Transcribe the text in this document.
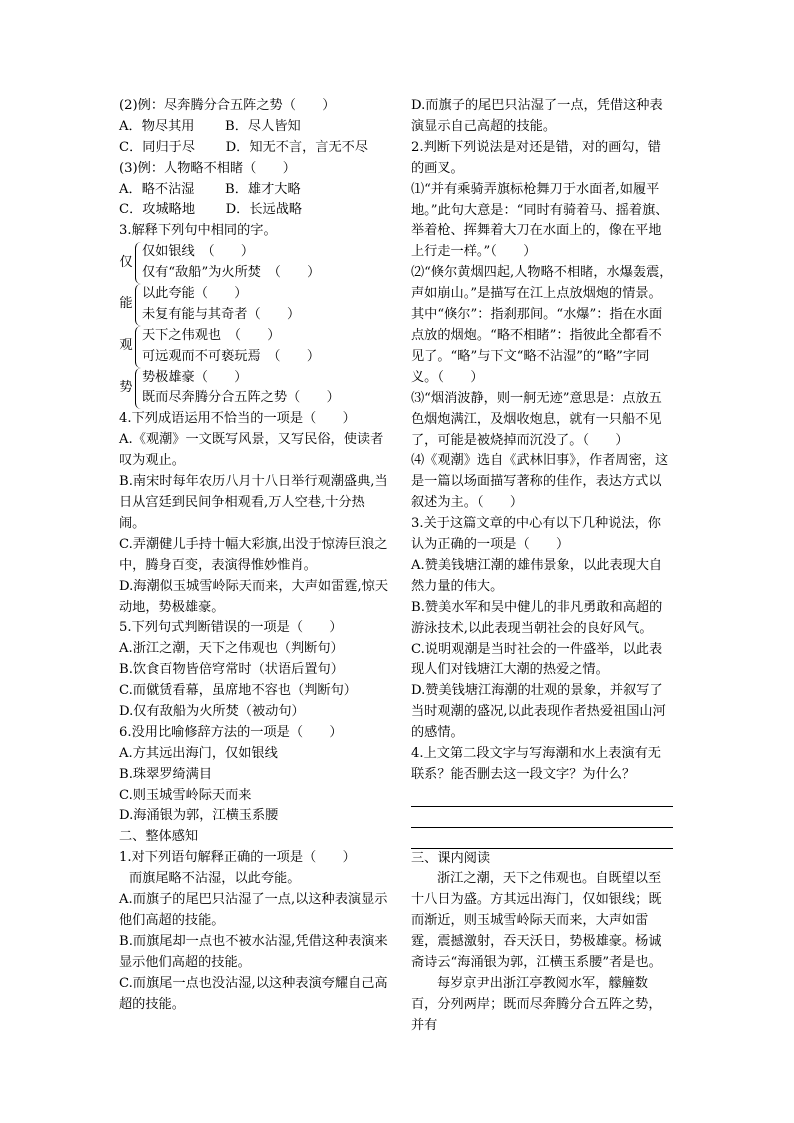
(2)例：尽奔腾分合五阵之势（　　）
A．物尽其用　　 B．尽人皆知
C．同归于尽　　 D．知无不言，言无不尽
(3)例：人物略不相睹（　　）
A．略不沾湿　　 B．雄才大略
C．攻城略地　　 D．长远战略
3.解释下列句中相同的字。
仅
仅如银线　（　　）
仅有“敌船”为火所焚　（　　）
能
以此夸能（　　）
未复有能与其奇者（　　）
观
天下之伟观也　（　　）
可远观而不可亵玩焉　（　　）
势
势极雄豪（　　）
既而尽奔腾分合五阵之势（　　）
4.下列成语运用不恰当的一项是（　　）
A.《观潮》一文既写风景，又写民俗，使读者叹为观止。
B.南宋时每年农历八月十八日举行观潮盛典,当日从宫廷到民间争相观看,万人空巷,十分热闹。
C.弄潮健儿手持十幅大彩旗,出没于惊涛巨浪之中，腾身百变，表演得惟妙惟肖。
D.海潮似玉城雪岭际天而来，大声如雷霆,惊天动地，势极雄豪。
5.下列句式判断错误的一项是（　　）
A.浙江之潮，天下之伟观也（判断句）
B.饮食百物皆倍穹常时（状语后置句）
C.而僦赁看幕，虽席地不容也（判断句）
D.仅有敌船为火所焚（被动句）
6.没用比喻修辞方法的一项是（　　）
A.方其远出海门，仅如银线
B.珠翠罗绮满目
C.则玉城雪岭际天而来
D.海涌银为郭，江横玉系腰
二、整体感知
1.对下列语句解释正确的一项是（　　）
而旗尾略不沾湿，以此夸能。
A.而旗子的尾巴只沾湿了一点,以这种表演显示他们高超的技能。
B.而旗尾却一点也不被水沾湿,凭借这种表演来显示他们高超的技能。
C.而旗尾一点也没沾湿,以这种表演夸耀自己高超的技能。
D.而旗子的尾巴只沾湿了一点，凭借这种表演显示自己高超的技能。
2.判断下列说法是对还是错，对的画勾，错的画叉。
⑴“并有乘骑弄旗标枪舞刀于水面者,如履平地。”此句大意是：“同时有骑着马、摇着旗、举着枪、挥舞着大刀在水面上的，像在平地上行走一样。”（　　）
⑵“倏尔黄烟四起,人物略不相睹，水爆轰震，声如崩山。”是描写在江上点放烟炮的情景。其中“倏尔”：指刹那间。“水爆”：指在水面点放的烟炮。“略不相睹”：指彼此全都看不见了。“略”与下文“略不沾湿”的“略”字同义。（　　）
⑶“烟消波静，则一舸无迹”意思是：点放五色烟炮满江，及烟收炮息，就有一只船不见了，可能是被烧掉而沉没了。（　　）
⑷《观潮》选自《武林旧事》，作者周密，这是一篇以场面描写著称的佳作，表达方式以叙述为主。（　　）
3.关于这篇文章的中心有以下几种说法，你认为正确的一项是（　　）
A.赞美钱塘江潮的雄伟景象，以此表现大自然力量的伟大。
B.赞美水军和吴中健儿的非凡勇敢和高超的游泳技术,以此表现当朝社会的良好风气。
C.说明观潮是当时社会的一件盛举，以此表现人们对钱塘江大潮的热爱之情。
D.赞美钱塘江海潮的壮观的景象，并叙写了当时观潮的盛况,以此表现作者热爱祖国山河的感情。
4.上文第二段文字与写海潮和水上表演有无联系？能否删去这一段文字？为什么？
三、课内阅读
浙江之潮，天下之伟观也。自既望以至十八日为盛。方其远出海门，仅如银线；既而渐近，则玉城雪岭际天而来，大声如雷霆，震撼激射，吞天沃日，势极雄豪。杨诚斋诗云“海涌银为郭，江横玉系腰”者是也。
每岁京尹出浙江亭教阅水军，艨艟数百，分列两岸；既而尽奔腾分合五阵之势，并有
